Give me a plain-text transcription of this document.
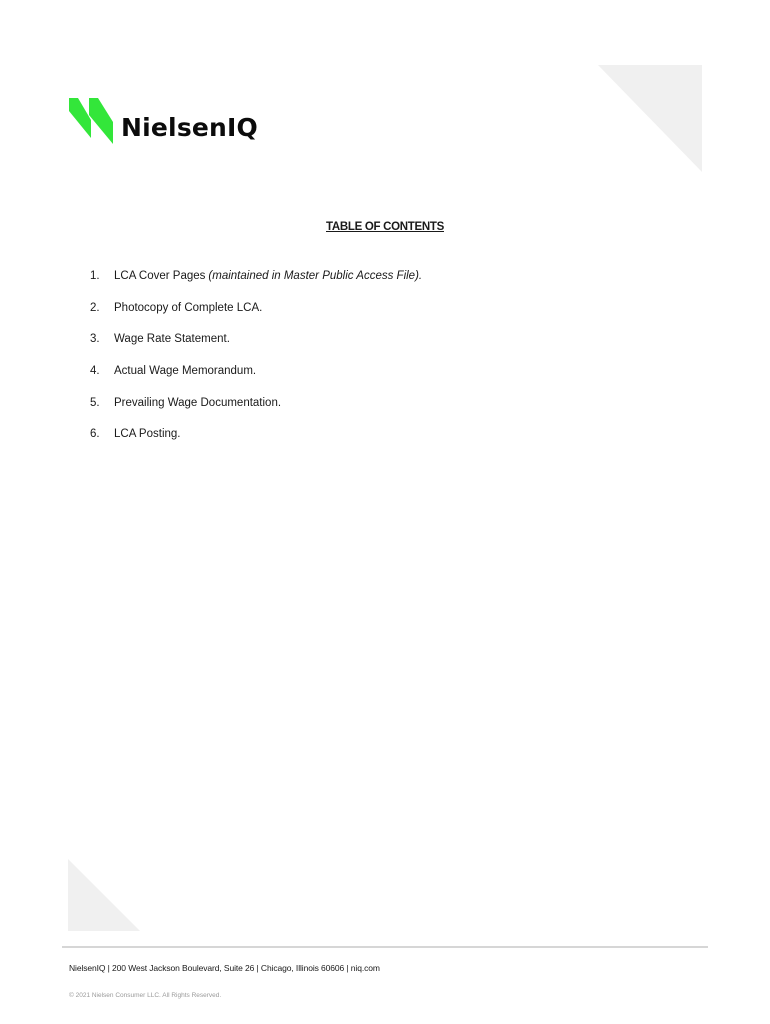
NielsenIQ
TABLE OF CONTENTS
1.	LCA Cover Pages (maintained in Master Public Access File).
2.	Photocopy of Complete LCA.
3.	Wage Rate Statement.
4.	Actual Wage Memorandum.
5.	Prevailing Wage Documentation.
6.	LCA Posting.
NielsenIQ | 200 West Jackson Boulevard, Suite 26 | Chicago, Illinois 60606 | niq.com
© 2021 Nielsen Consumer LLC. All Rights Reserved.
